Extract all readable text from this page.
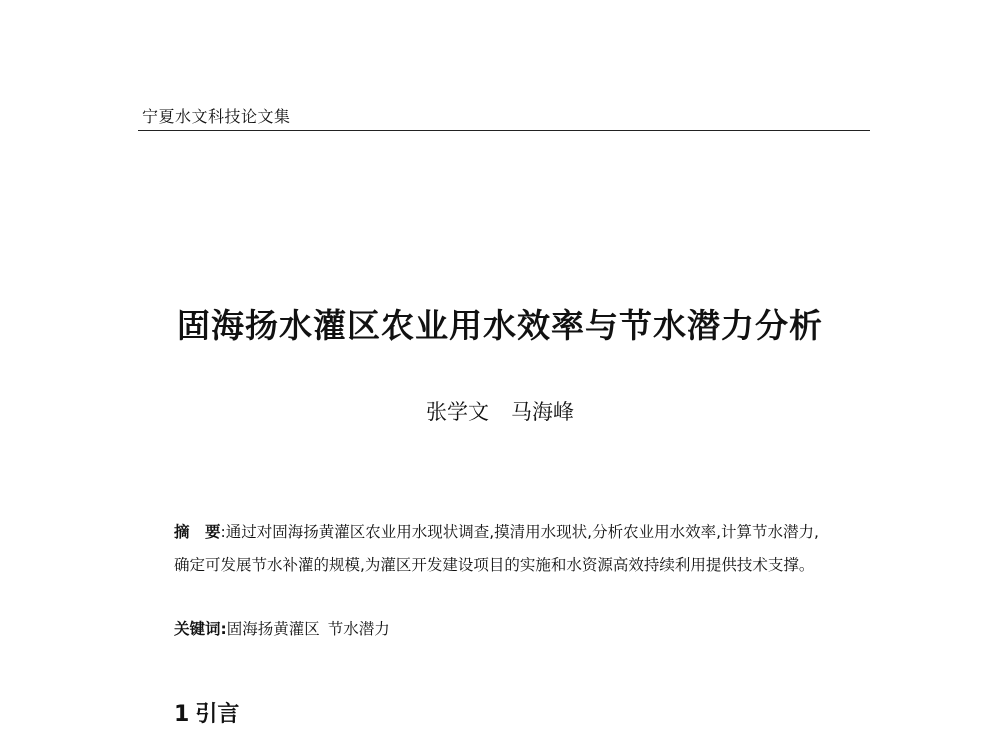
宁夏水文科技论文集
固海扬水灌区农业用水效率与节水潜力分析
张学文 马海峰
摘　要:通过对固海扬黄灌区农业用水现状调查,摸清用水现状,分析农业用水效率,计算节水潜力,确定可发展节水补灌的规模,为灌区开发建设项目的实施和水资源高效持续利用提供技术支撑。
关键词:固海扬黄灌区 节水潜力
1 引言
